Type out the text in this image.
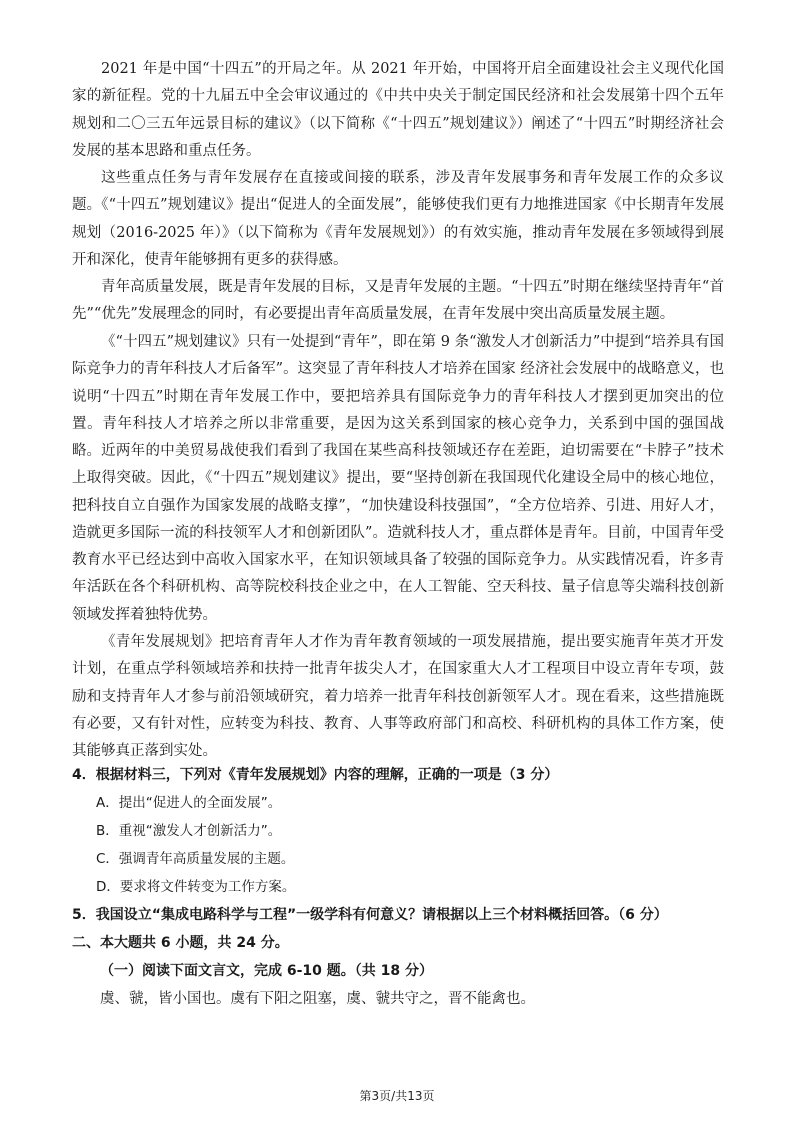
2021 年是中国“十四五”的开局之年。从 2021 年开始，中国将开启全面建设社会主义现代化国家的新征程。党的十九届五中全会审议通过的《中共中央关于制定国民经济和社会发展第十四个五年规划和二〇三五年远景目标的建议》（以下简称《“十四五”规划建议》）阐述了“十四五”时期经济社会发展的基本思路和重点任务。

这些重点任务与青年发展存在直接或间接的联系，涉及青年发展事务和青年发展工作的众多议题。《“十四五”规划建议》提出“促进人的全面发展”，能够使我们更有力地推进国家《中长期青年发展规划（2016-2025 年）》（以下简称为《青年发展规划》）的有效实施，推动青年发展在多领域得到展开和深化，使青年能够拥有更多的获得感。

青年高质量发展，既是青年发展的目标，又是青年发展的主题。“十四五”时期在继续坚持青年“首先”“优先”发展理念的同时，有必要提出青年高质量发展，在青年发展中突出高质量发展主题。

《“十四五”规划建议》只有一处提到“青年”，即在第 9 条“激发人才创新活力”中提到“培养具有国际竞争力的青年科技人才后备军”。这突显了青年科技人才培养在国家 经济社会发展中的战略意义，也说明“十四五”时期在青年发展工作中，要把培养具有国际竞争力的青年科技人才摆到更加突出的位置。青年科技人才培养之所以非常重要，是因为这关系到国家的核心竞争力，关系到中国的强国战略。 近两年的中美贸易战使我们看到了我国在某些高科技领域还存在差距，迫切需要在“卡脖子”技术上取得突破。因此，《“十四五”规划建议》提出，要“坚持创新在我国现代化建设全局中的核心地位，把科技自立自强作为国家发展的战略支撑”，“加快建设科技强国”，“全方位培养、引进、用好人才，造就更多国际一流的科技领军人才和创新团队”。造就科技人才，重点群体是青年。目前，中国青年受教育水平已经达到中高收入国家水平，在知识领域具备了较强的国际竞争力。从实践情况看，许多青年活跃在各个科研机构、高等院校科技企业之中，在人工智能、空天科技、量子信息等尖端科技创新领域发挥着独特优势。

《青年发展规划》把培育青年人才作为青年教育领域的一项发展措施，提出要实施青年英才开发计划，在重点学科领域培养和扶持一批青年拔尖人才，在国家重大人才工程项目中设立青年专项，鼓励和支持青年人才参与前沿领域研究，着力培养一批青年科技创新领军人才。现在看来，这些措施既有必要，又有针对性，应转变为科技、教育、人事等政府部门和高校、科研机构的具体工作方案，使其能够真正落到实处。

4．根据材料三，下列对《青年发展规划》内容的理解，正确的一项是（3 分）

A．提出“促进人的全面发展”。

B．重视“激发人才创新活力”。

C．强调青年高质量发展的主题。

D．要求将文件转变为工作方案。

5．我国设立“集成电路科学与工程”一级学科有何意义？请根据以上三个材料概括回答。（6 分）

二、本大题共 6 小题，共 24 分。

（一）阅读下面文言文，完成 6-10 题。（共 18 分）

虞、虢，皆小国也。虞有下阳之阻塞，虞、虢共守之，晋不能禽也。

第3页/共13页
